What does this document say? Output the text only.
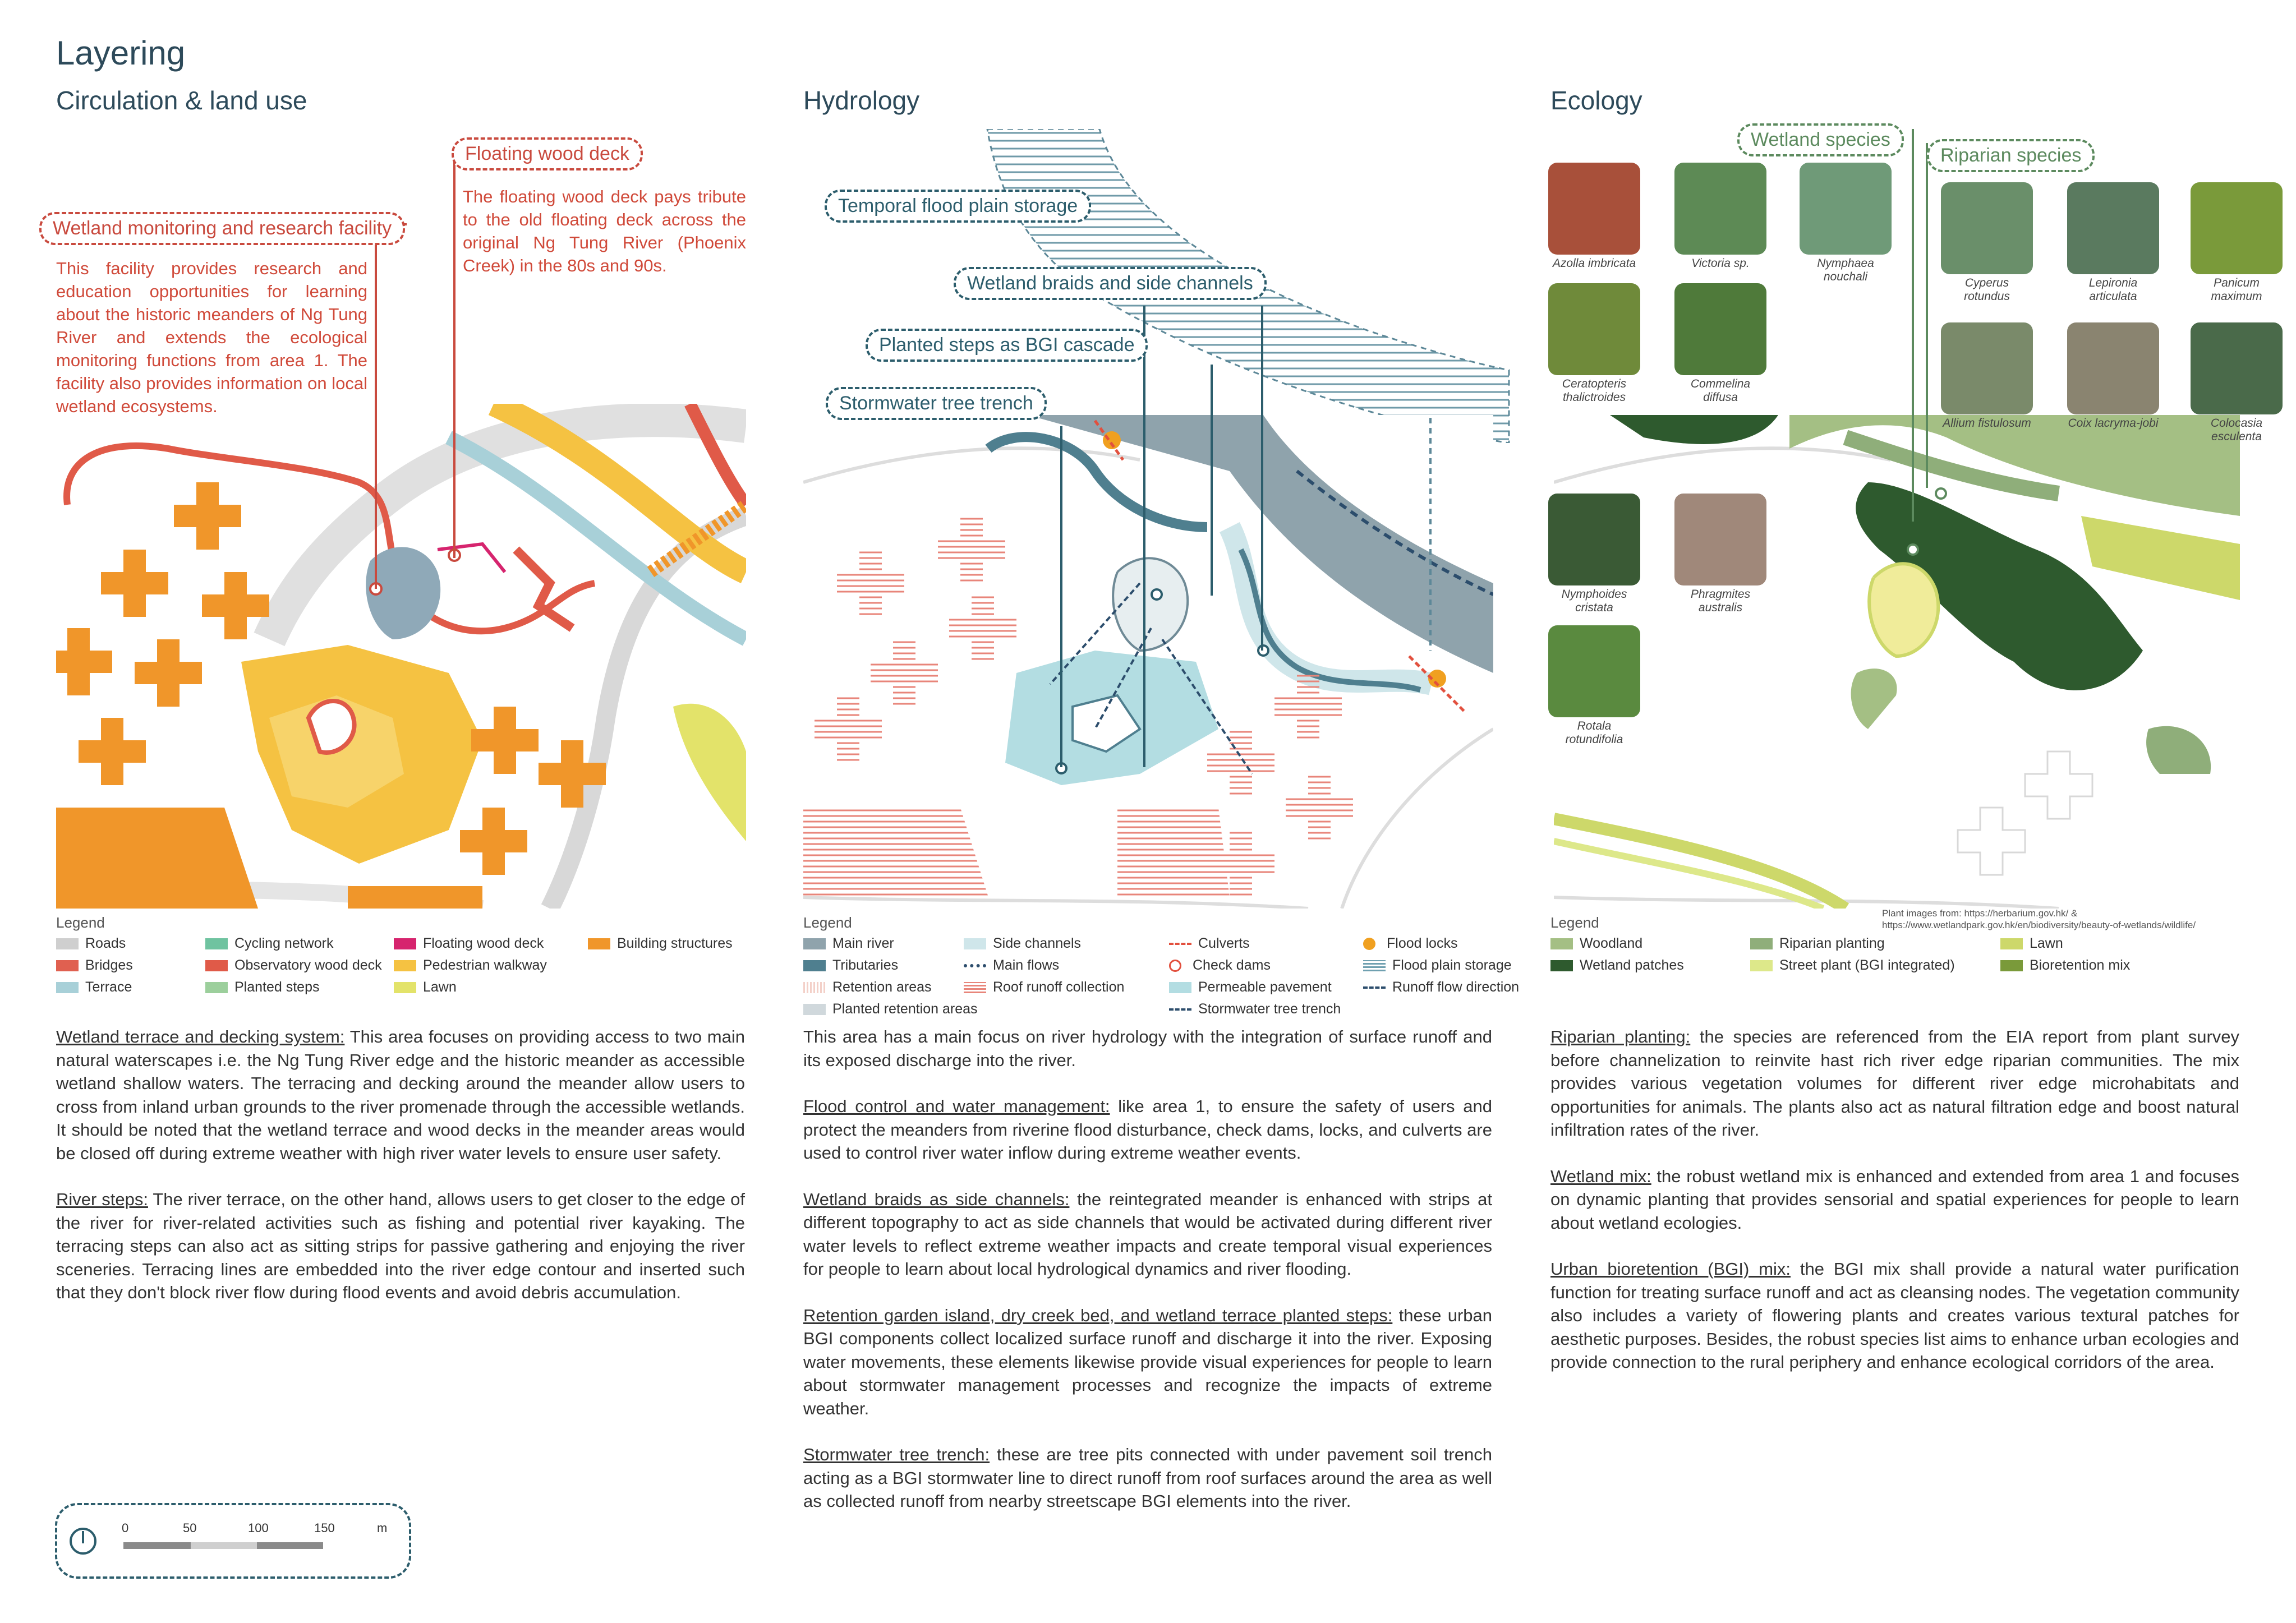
Layering
Circulation & land use
Floating wood deck
The floating wood deck pays tribute to the old floating deck across the original Ng Tung River (Phoenix Creek) in the 80s and 90s.
Wetland monitoring and research facility
This facility provides research and education opportunities for learning about the historic meanders of Ng Tung River and extends the ecological monitoring functions from area 1. The facility also provides information on local wetland ecosystems.
Legend
Roads	Cycling network	Floating wood deck	Building structures
Bridges	Observatory wood deck	Pedestrian walkway
Terrace	Planted steps	Lawn

Wetland terrace and decking system: This area focuses on providing access to two main natural waterscapes i.e. the Ng Tung River edge and the historic meander as accessible wetland shallow waters. The terracing and decking around the meander allow users to cross from inland urban grounds to the river promenade through the accessible wetlands. It should be noted that the wetland terrace and wood decks in the meander areas would be closed off during extreme weather with high river water levels to ensure user safety.

River steps: The river terrace, on the other hand, allows users to get closer to the edge of the river for river-related activities such as fishing and potential river kayaking. The terracing steps can also act as sitting strips for passive gathering and enjoying the river sceneries. Terracing lines are embedded into the river edge contour and inserted such that they don't block river flow during flood events and avoid debris accumulation.

0	50	100	150	m
Hydrology
Temporal flood plain storage
Wetland braids and side channels
Planted steps as BGI cascade
Stormwater tree trench
Legend
Main river	Side channels	Culverts	Flood locks
Tributaries	Main flows	Check dams	Flood plain storage
Retention areas	Roof runoff collection	Permeable pavement	Runoff flow direction
Planted retention areas	Stormwater tree trench

This area has a main focus on river hydrology with the integration of surface runoff and its exposed discharge into the river.

Flood control and water management: like area 1, to ensure the safety of users and protect the meanders from riverine flood disturbance, check dams, locks, and culverts are used to control river water inflow during extreme weather events.

Wetland braids as side channels: the reintegrated meander is enhanced with strips at different topography to act as side channels that would be activated during different river water levels to reflect extreme weather impacts and create temporal visual experiences for people to learn about local hydrological dynamics and river flooding.

Retention garden island, dry creek bed, and wetland terrace planted steps: these urban BGI components collect localized surface runoff and discharge it into the river. Exposing water movements, these elements likewise provide visual experiences for people to learn about stormwater management processes and recognize the impacts of extreme weather.

Stormwater tree trench: these are tree pits connected with under pavement soil trench acting as a BGI stormwater line to direct runoff from roof surfaces around the area as well as collected runoff from nearby streetscape BGI elements into the river.

Ecology
Wetland species
Riparian species
Azolla imbricata	Victoria sp.	Nymphaea nouchali
Ceratopteris thalictroides
Commelina diffusa
Nymphoides cristata
Phragmites australis
Rotala rotundifolia
Cyperus rotundus
Lepironia articulata
Panicum maximum
Allium fistulosum	Coix lacryma-jobi	Colocasia esculenta
Plant images from: https://herbarium.gov.hk/ & https://www.wetlandpark.gov.hk/en/biodiversity/beauty-of-wetlands/wildlife/
Legend
Woodland	Riparian planting	Lawn
Wetland patches	Street plant (BGI integrated)	Bioretention mix

Riparian planting: the species are referenced from the EIA report from plant survey before channelization to reinvite hast rich river edge riparian communities. The mix provides various vegetation volumes for different river edge microhabitats and opportunities for animals. The plants also act as natural filtration edge and boost natural infiltration rates of the river.

Wetland mix: the robust wetland mix is enhanced and extended from area 1 and focuses on dynamic planting that provides sensorial and spatial experiences for people to learn about wetland ecologies.

Urban bioretention (BGI) mix: the BGI mix shall provide a natural water purification function for treating surface runoff and act as cleansing nodes. The vegetation community also includes a variety of flowering plants and creates various textural patches for aesthetic purposes. Besides, the robust species list aims to enhance urban ecologies and provide connection to the rural periphery and enhance ecological corridors of the area.
